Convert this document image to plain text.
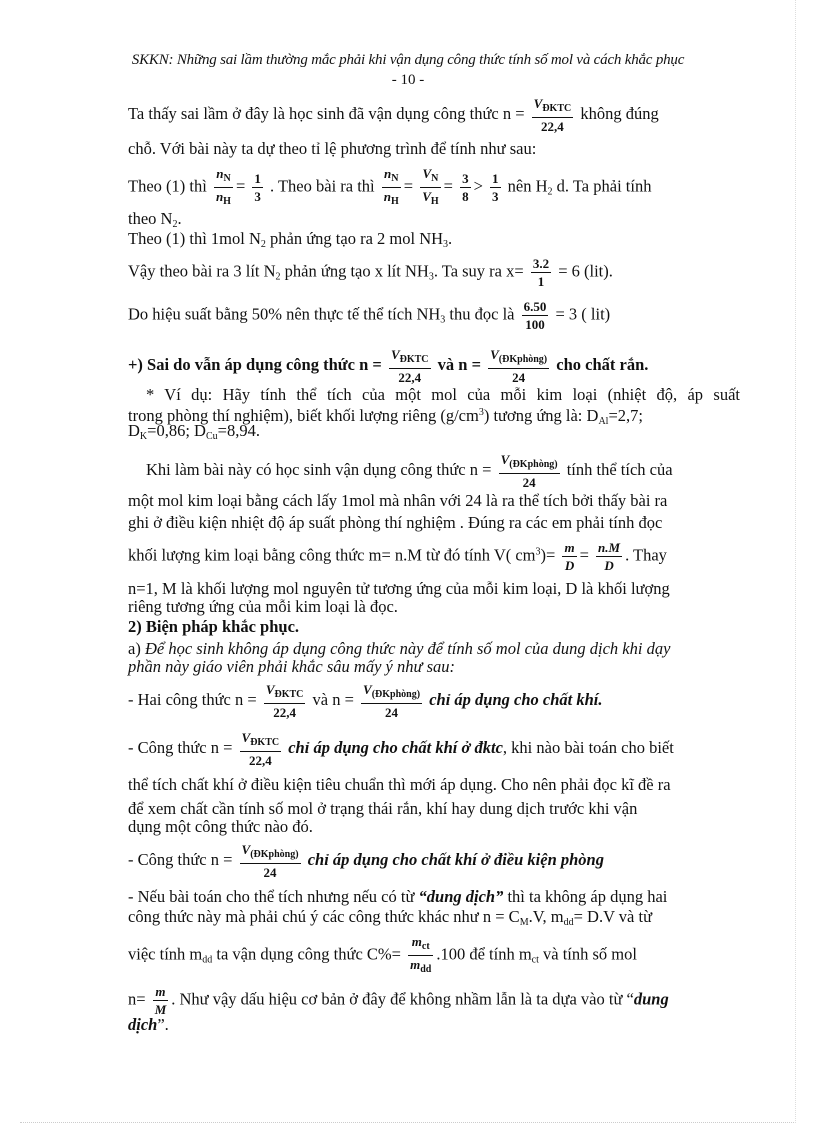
SKKN: Những sai lầm thường mắc phải khi vận dụng công thức tính số mol và cách khắc phục
- 10 -
Ta thấy sai lầm ở đây là học sinh đã vận dụng công thức $n = \frac{V_{ĐKTC}}{22,4}$ không đúng
chỗ. Với bài này ta dự theo tỉ lệ phương trình để tính như sau:
Theo (1) thì $\frac{n_N}{n_H} = \frac{1}{3}$ . Theo bài ra thì $\frac{n_N}{n_H} = \frac{V_N}{V_H} = \frac{3}{8} > \frac{1}{3}$ nên $H_2$ d. Ta phải tính
theo $N_2$.
Theo (1) thì 1mol $N_2$ phản ứng tạo ra 2 mol $NH_3$.
Vậy theo bài ra 3 lít $N_2$ phản ứng tạo x lít $NH_3$. Ta suy ra $x= \frac{3.2}{1} = 6$ (lit).
Do hiệu suất bằng 50% nên thực tế thể tích $NH_3$ thu đọc là $\frac{6.50}{100} = 3$ ( lit)
+) Sai do vẫn áp dụng công thức $n = \frac{V_{ĐKTC}}{22,4}$ và $n = \frac{V_{(ĐKphòng)}}{24}$ cho chất rắn.
* Ví dụ: Hãy tính thể tích của một mol của mỗi kim loại (nhiệt độ, áp suất
trong phòng thí nghiệm), biết khối lượng riêng $(g/cm^3)$ tương ứng là: $D_{Al}=2,7$;
$D_K=0,86$; $D_{Cu}=8,94$.
Khi làm bài này có học sinh vận dụng công thức $n = \frac{V_{(ĐKphòng)}}{24}$ tính thể tích của
một mol kim loại bằng cách lấy 1mol mà nhân với 24 là ra thể tích bởi thấy bài ra
ghi ở điều kiện nhiệt độ áp suất phòng thí nghiệm . Đúng ra các em phải tính đọc
khối lượng kim loại bằng công thức m= n.M từ đó tính V( $cm^3)= \frac{m}{D} = \frac{n.M}{D}$ . Thay
n=1, M là khối lượng mol nguyên tử tương ứng của mỗi kim loại, D là khối lượng
riêng tương ứng của mỗi kim loại là đọc.
2) Biện pháp khắc phục.
a) Để học sinh không áp dụng công thức này để tính số mol của dung dịch khi dạy
phần này giáo viên phải khắc sâu mấy ý như sau:
- Hai công thức $n = \frac{V_{ĐKTC}}{22,4}$ và $n = \frac{V_{(ĐKphòng)}}{24}$ chỉ áp dụng cho chất khí.
- Công thức $n = \frac{V_{ĐKTC}}{22,4}$ chỉ áp dụng cho chất khí ở đktc, khi nào bài toán cho biết
thể tích chất khí ở điều kiện tiêu chuẩn thì mới áp dụng. Cho nên phải đọc kĩ đề ra
để xem chất cần tính số mol ở trạng thái rắn, khí hay dung dịch trước khi vận
dụng một công thức nào đó.
- Công thức $n = \frac{V_{(ĐKphòng)}}{24}$ chỉ áp dụng cho chất khí ở điều kiện phòng
- Nếu bài toán cho thể tích nhưng nếu có từ “dung dịch” thì ta không áp dụng hai
công thức này mà phải chú ý các công thức khác như $n = C_M.V$, $m_{dd}= D.V$ và từ
việc tính $m_{dd}$ ta vận dụng công thức $C\%= \frac{m_{ct}}{m_{dd}} .100$ để tính $m_{ct}$ và tính số mol
$n= \frac{m}{M}$ . Như vậy dấu hiệu cơ bản ở đây để không nhầm lẫn là ta dựa vào từ “dung
dịch”.
